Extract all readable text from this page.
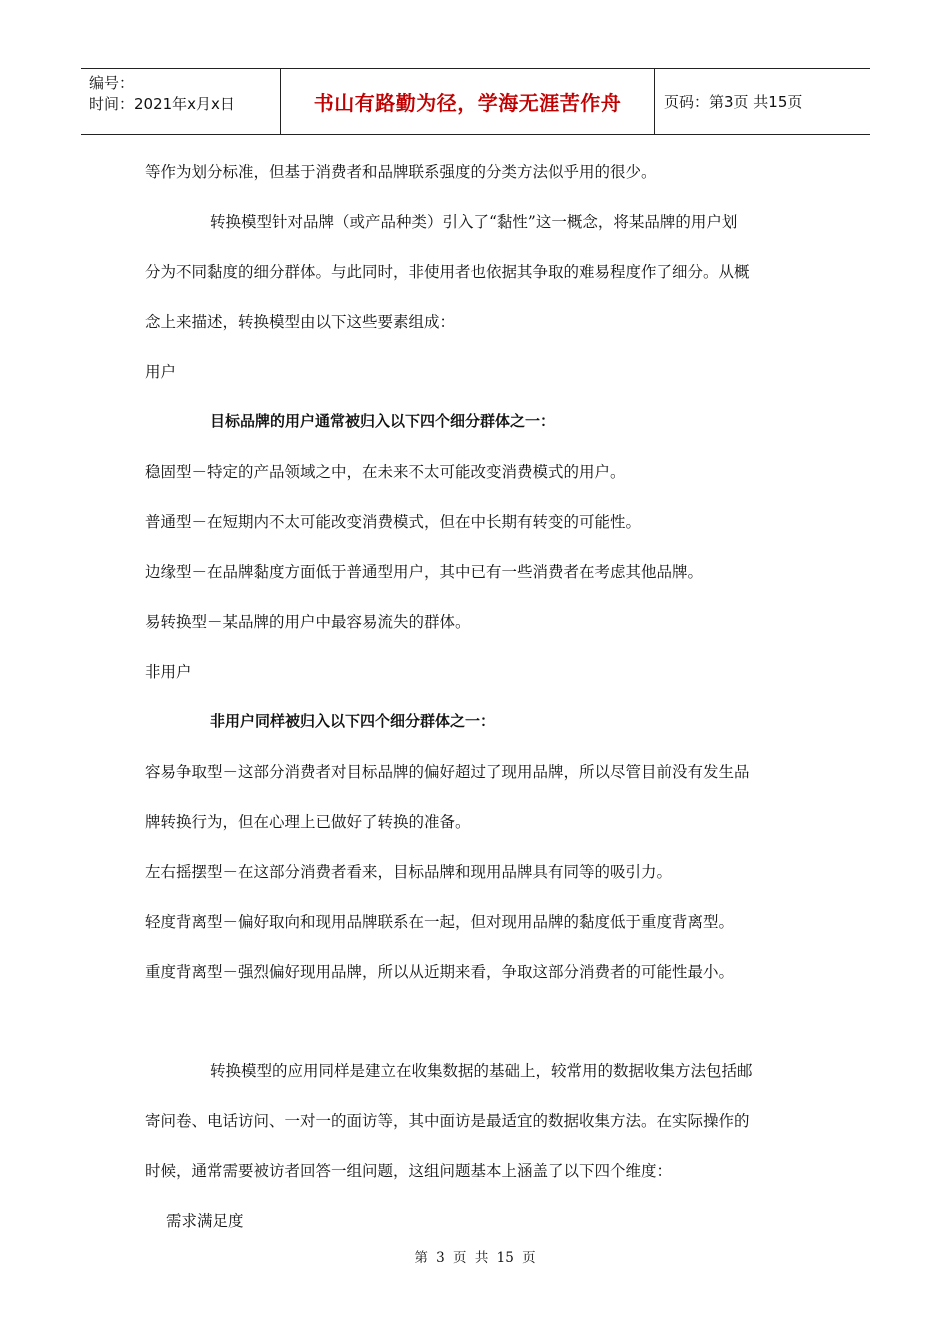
编号：
时间：2021年x月x日	书山有路勤为径，学海无涯苦作舟	页码：第3页 共15页
等作为划分标准，但基于消费者和品牌联系强度的分类方法似乎用的很少。
转换模型针对品牌（或产品种类）引入了“黏性”这一概念，将某品牌的用户划
分为不同黏度的细分群体。与此同时，非使用者也依据其争取的难易程度作了细分。从概
念上来描述，转换模型由以下这些要素组成：
用户
目标品牌的用户通常被归入以下四个细分群体之一：
稳固型－特定的产品领域之中，在未来不太可能改变消费模式的用户。
普通型－在短期内不太可能改变消费模式，但在中长期有转变的可能性。
边缘型－在品牌黏度方面低于普通型用户，其中已有一些消费者在考虑其他品牌。
易转换型－某品牌的用户中最容易流失的群体。
非用户
非用户同样被归入以下四个细分群体之一：
容易争取型－这部分消费者对目标品牌的偏好超过了现用品牌，所以尽管目前没有发生品
牌转换行为，但在心理上已做好了转换的准备。
左右摇摆型－在这部分消费者看来，目标品牌和现用品牌具有同等的吸引力。
轻度背离型－偏好取向和现用品牌联系在一起，但对现用品牌的黏度低于重度背离型。
重度背离型－强烈偏好现用品牌，所以从近期来看，争取这部分消费者的可能性最小。
转换模型的应用同样是建立在收集数据的基础上，较常用的数据收集方法包括邮
寄问卷、电话访问、一对一的面访等，其中面访是最适宜的数据收集方法。在实际操作的
时候，通常需要被访者回答一组问题，这组问题基本上涵盖了以下四个维度：
需求满足度
第 3 页 共 15 页
